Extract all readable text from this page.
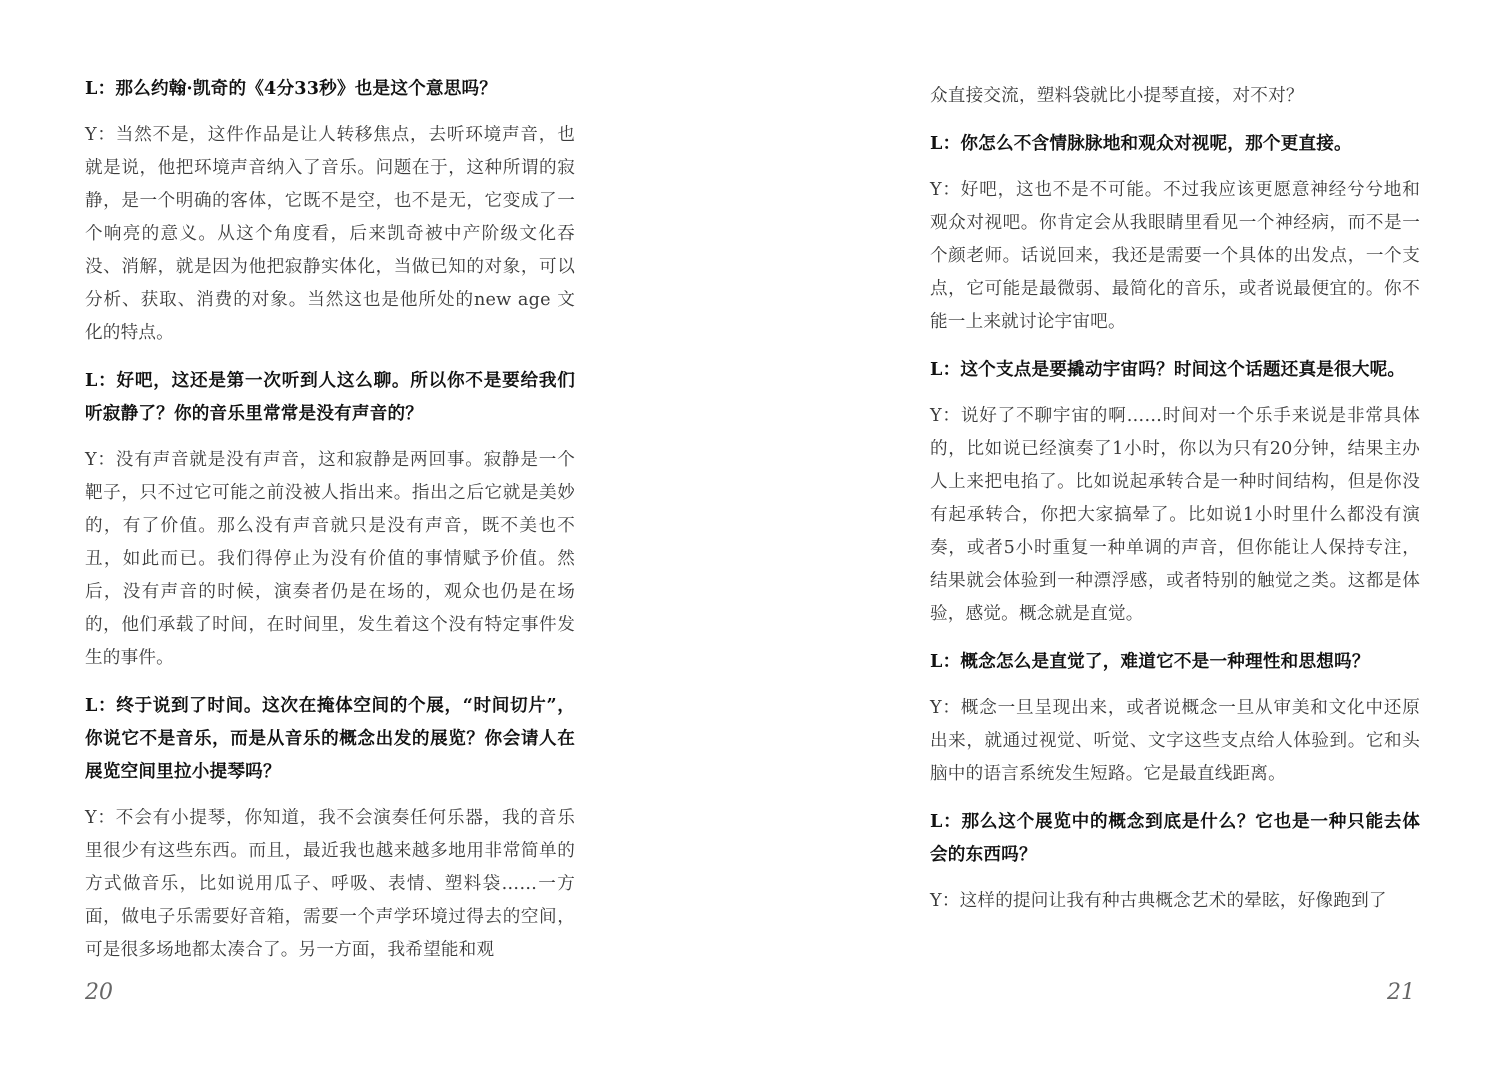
L：那么约翰·凯奇的《4分33秒》也是这个意思吗？

Y：当然不是，这件作品是让人转移焦点，去听环境声音，也就是说，他把环境声音纳入了音乐。问题在于，这种所谓的寂静，是一个明确的客体，它既不是空，也不是无，它变成了一个响亮的意义。从这个角度看，后来凯奇被中产阶级文化吞没、消解，就是因为他把寂静实体化，当做已知的对象，可以分析、获取、消费的对象。当然这也是他所处的new age 文化的特点。

L：好吧，这还是第一次听到人这么聊。所以你不是要给我们听寂静了？你的音乐里常常是没有声音的？

Y：没有声音就是没有声音，这和寂静是两回事。寂静是一个靶子，只不过它可能之前没被人指出来。指出之后它就是美妙的，有了价值。那么没有声音就只是没有声音，既不美也不丑，如此而已。我们得停止为没有价值的事情赋予价值。然后，没有声音的时候，演奏者仍是在场的，观众也仍是在场的，他们承载了时间，在时间里，发生着这个没有特定事件发生的事件。

L：终于说到了时间。这次在掩体空间的个展，“时间切片”，你说它不是音乐，而是从音乐的概念出发的展览？你会请人在展览空间里拉小提琴吗？

Y：不会有小提琴，你知道，我不会演奏任何乐器，我的音乐里很少有这些东西。而且，最近我也越来越多地用非常简单的方式做音乐，比如说用瓜子、呼吸、表情、塑料袋……一方面，做电子乐需要好音箱，需要一个声学环境过得去的空间，可是很多场地都太凑合了。另一方面，我希望能和观

20

众直接交流，塑料袋就比小提琴直接，对不对？

L：你怎么不含情脉脉地和观众对视呢，那个更直接。

Y：好吧，这也不是不可能。不过我应该更愿意神经兮兮地和观众对视吧。你肯定会从我眼睛里看见一个神经病，而不是一个颜老师。话说回来，我还是需要一个具体的出发点，一个支点，它可能是最微弱、最简化的音乐，或者说最便宜的。你不能一上来就讨论宇宙吧。

L：这个支点是要撬动宇宙吗？时间这个话题还真是很大呢。

Y：说好了不聊宇宙的啊……时间对一个乐手来说是非常具体的，比如说已经演奏了1小时，你以为只有20分钟，结果主办人上来把电掐了。比如说起承转合是一种时间结构，但是你没有起承转合，你把大家搞晕了。比如说1小时里什么都没有演奏，或者5小时重复一种单调的声音，但你能让人保持专注，结果就会体验到一种漂浮感，或者特别的触觉之类。这都是体验，感觉。概念就是直觉。

L：概念怎么是直觉了，难道它不是一种理性和思想吗？

Y：概念一旦呈现出来，或者说概念一旦从审美和文化中还原出来，就通过视觉、听觉、文字这些支点给人体验到。它和头脑中的语言系统发生短路。它是最直线距离。

L：那么这个展览中的概念到底是什么？它也是一种只能去体会的东西吗？

Y：这样的提问让我有种古典概念艺术的晕眩，好像跑到了

21
